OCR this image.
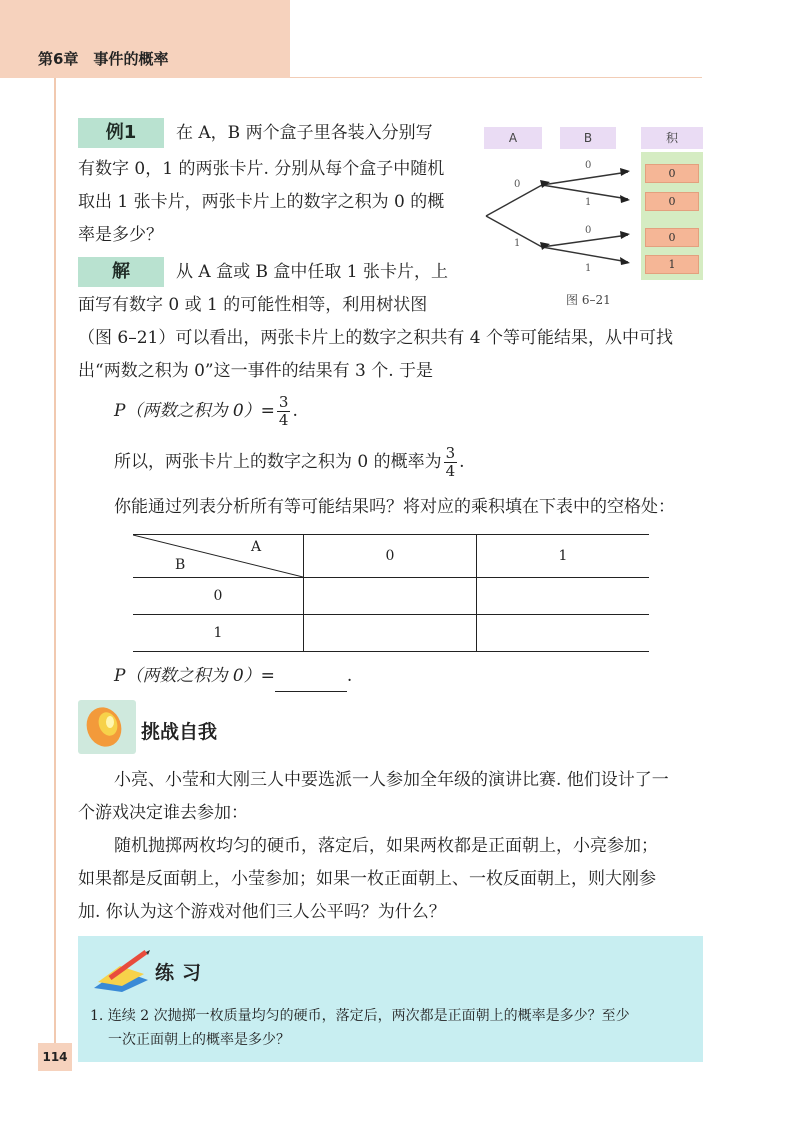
第6章　事件的概率
例1	在 A，B 两个盒子里各装入分别写
有数字 0，1 的两张卡片. 分别从每个盒子中随机
取出 1 张卡片，两张卡片上的数字之积为 0 的概
率是多少？
A	B	积
0
1
0
1
0
1
0
0
0
1
图 6–21
解	从 A 盒或 B 盒中任取 1 张卡片，上
面写有数字 0 或 1 的可能性相等，利用树状图
（图 6–21）可以看出，两张卡片上的数字之积共有 4 个等可能结果，从中可找
出“两数之积为 0”这一事件的结果有 3 个. 于是
P（两数之积为 $0)= \frac{3}{4}$ .
所以，两张卡片上的数字之积为 0 的概率为 $\frac{3}{4}$ .
你能通过列表分析所有等可能结果吗？将对应的乘积填在下表中的空格处：
A
B	0	1
0		
1		
P（两数之积为 0）=	.
挑战自我
小亮、小莹和大刚三人中要选派一人参加全年级的演讲比赛. 他们设计了一
个游戏决定谁去参加：
随机抛掷两枚均匀的硬币，落定后，如果两枚都是正面朝上，小亮参加；
如果都是反面朝上，小莹参加；如果一枚正面朝上、一枚反面朝上，则大刚参
加. 你认为这个游戏对他们三人公平吗？为什么？
练习
1. 连续 2 次抛掷一枚质量均匀的硬币，落定后，两次都是正面朝上的概率是多少？至少
一次正面朝上的概率是多少？
114
